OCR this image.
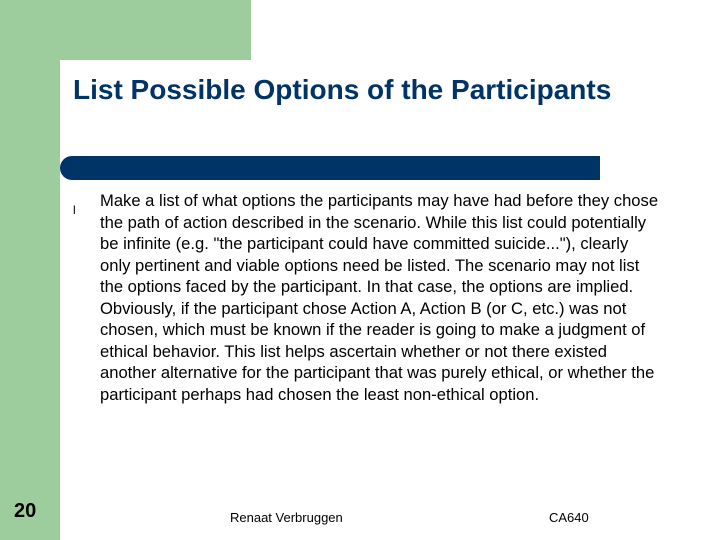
List Possible Options of the Participants
l Make a list of what options the participants may have had before they chose the path of action described in the scenario. While this list could potentially be infinite (e.g. "the participant could have committed suicide..."), clearly only pertinent and viable options need be listed. The scenario may not list the options faced by the participant. In that case, the options are implied. Obviously, if the participant chose Action A, Action B (or C, etc.) was not chosen, which must be known if the reader is going to make a judgment of ethical behavior. This list helps ascertain whether or not there existed another alternative for the participant that was purely ethical, or whether the participant perhaps had chosen the least non-ethical option.

20	Renaat Verbruggen	CA640
